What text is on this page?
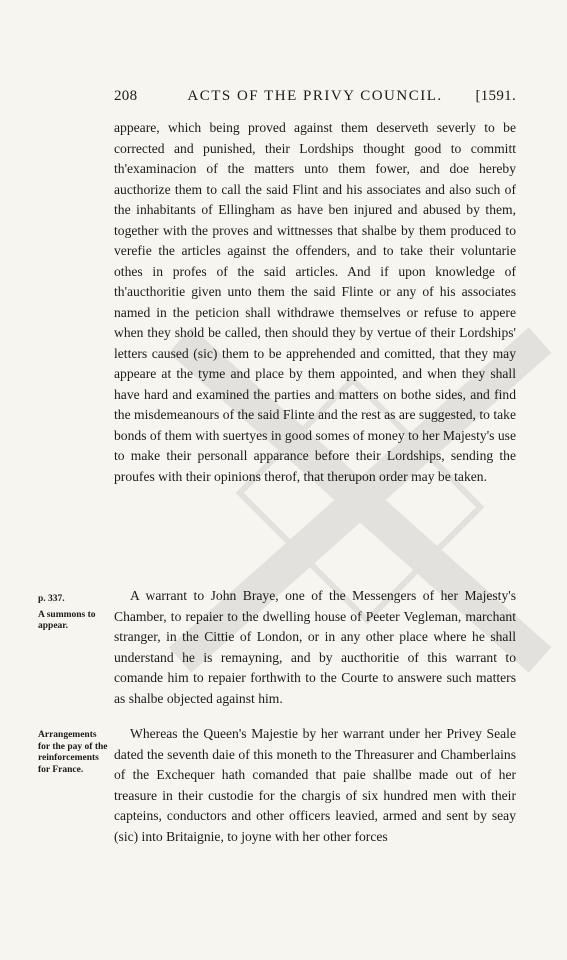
208	ACTS OF THE PRIVY COUNCIL.	[1591.

appeare, which being proved against them deserveth severly to be corrected and punished, their Lordships thought good to committ th'examinacion of the matters unto them fower, and doe hereby aucthorize them to call the said Flint and his associates and also such of the inhabitants of Ellingham as have ben injured and abused by them, together with the proves and wittnesses that shalbe by them produced to verefie the articles against the offenders, and to take their voluntarie othes in profes of the said articles. And if upon knowledge of th'aucthoritie given unto them the said Flinte or any of his associates named in the peticion shall withdrawe themselves or refuse to appere when they shold be called, then should they by vertue of their Lordships' letters caused (sic) them to be apprehended and comitted, that they may appeare at the tyme and place by them appointed, and when they shall have hard and examined the parties and matters on bothe sides, and find the misdemeanours of the said Flinte and the rest as are suggested, to take bonds of them with suertyes in good somes of money to her Majesty's use to make their personall apparance before their Lordships, sending the proufes with their opinions therof, that therupon order may be taken.

p. 337.
A summons to appear.

A warrant to John Braye, one of the Messengers of her Majesty's Chamber, to repaier to the dwelling house of Peeter Vegleman, marchant stranger, in the Cittie of London, or in any other place where he shall understand he is remayning, and by aucthoritie of this warrant to comande him to repaier forthwith to the Courte to answere such matters as shalbe objected against him.

Arrangements for the pay of the reinforcements for France.

Whereas the Queen's Majestie by her warrant under her Privey Seale dated the seventh daie of this moneth to the Threasurer and Chamberlains of the Exchequer hath comanded that paie shallbe made out of her treasure in their custodie for the chargis of six hundred men with their capteins, conductors and other officers leavied, armed and sent by seay (sic) into Britaignie, to joyne with her other forces
